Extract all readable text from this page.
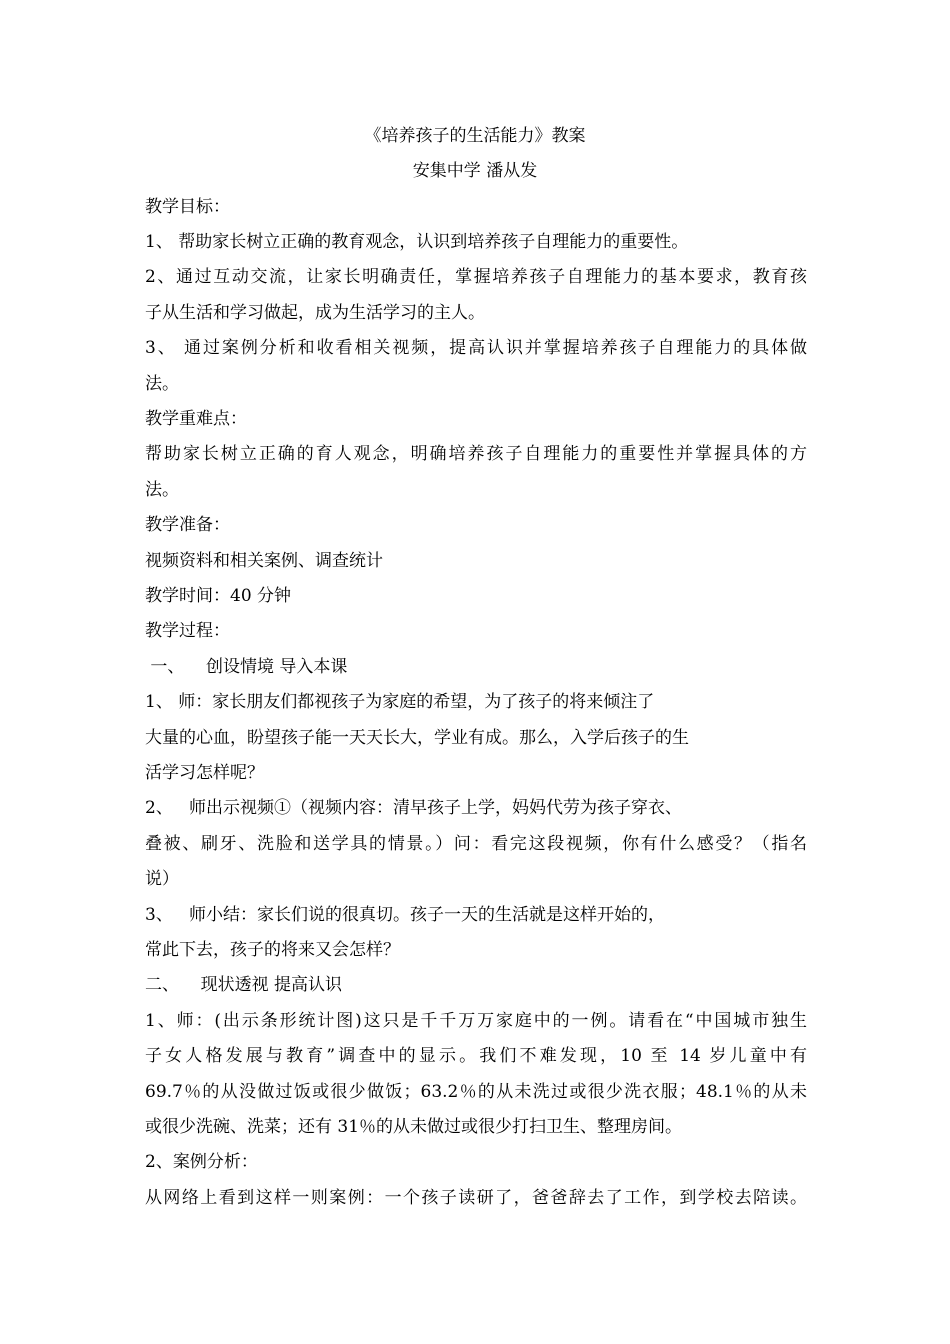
《培养孩子的生活能力》教案
安集中学 潘从发
教学目标：
1、 帮助家长树立正确的教育观念，认识到培养孩子自理能力的重要性。
2、通过互动交流，让家长明确责任，掌握培养孩子自理能力的基本要求，教育孩
子从生活和学习做起，成为生活学习的主人。
3、 通过案例分析和收看相关视频，提高认识并掌握培养孩子自理能力的具体做
法。
教学重难点：
帮助家长树立正确的育人观念，明确培养孩子自理能力的重要性并掌握具体的方
法。
教学准备：
视频资料和相关案例、调查统计
教学时间：40 分钟
教学过程：
一、    创设情境 导入本课
1、 师：家长朋友们都视孩子为家庭的希望，为了孩子的将来倾注了
大量的心血，盼望孩子能一天天长大，学业有成。那么，入学后孩子的生
活学习怎样呢？
2、   师出示视频①（视频内容：清早孩子上学，妈妈代劳为孩子穿衣、
叠被、刷牙、洗脸和送学具的情景。）问：看完这段视频，你有什么感受？（指名
说）
3、   师小结：家长们说的很真切。孩子一天的生活就是这样开始的，
常此下去，孩子的将来又会怎样？
二、    现状透视 提高认识
1、师：(出示条形统计图)这只是千千万万家庭中的一例。请看在“中国城市独生
子女人格发展与教育”调查中的显示。我们不难发现，10 至 14 岁儿童中有
69.7％的从没做过饭或很少做饭；63.2％的从未洗过或很少洗衣服；48.1％的从未
或很少洗碗、洗菜；还有 31％的从未做过或很少打扫卫生、整理房间。
2、案例分析：
从网络上看到这样一则案例：一个孩子读研了，爸爸辞去了工作，到学校去陪读。
